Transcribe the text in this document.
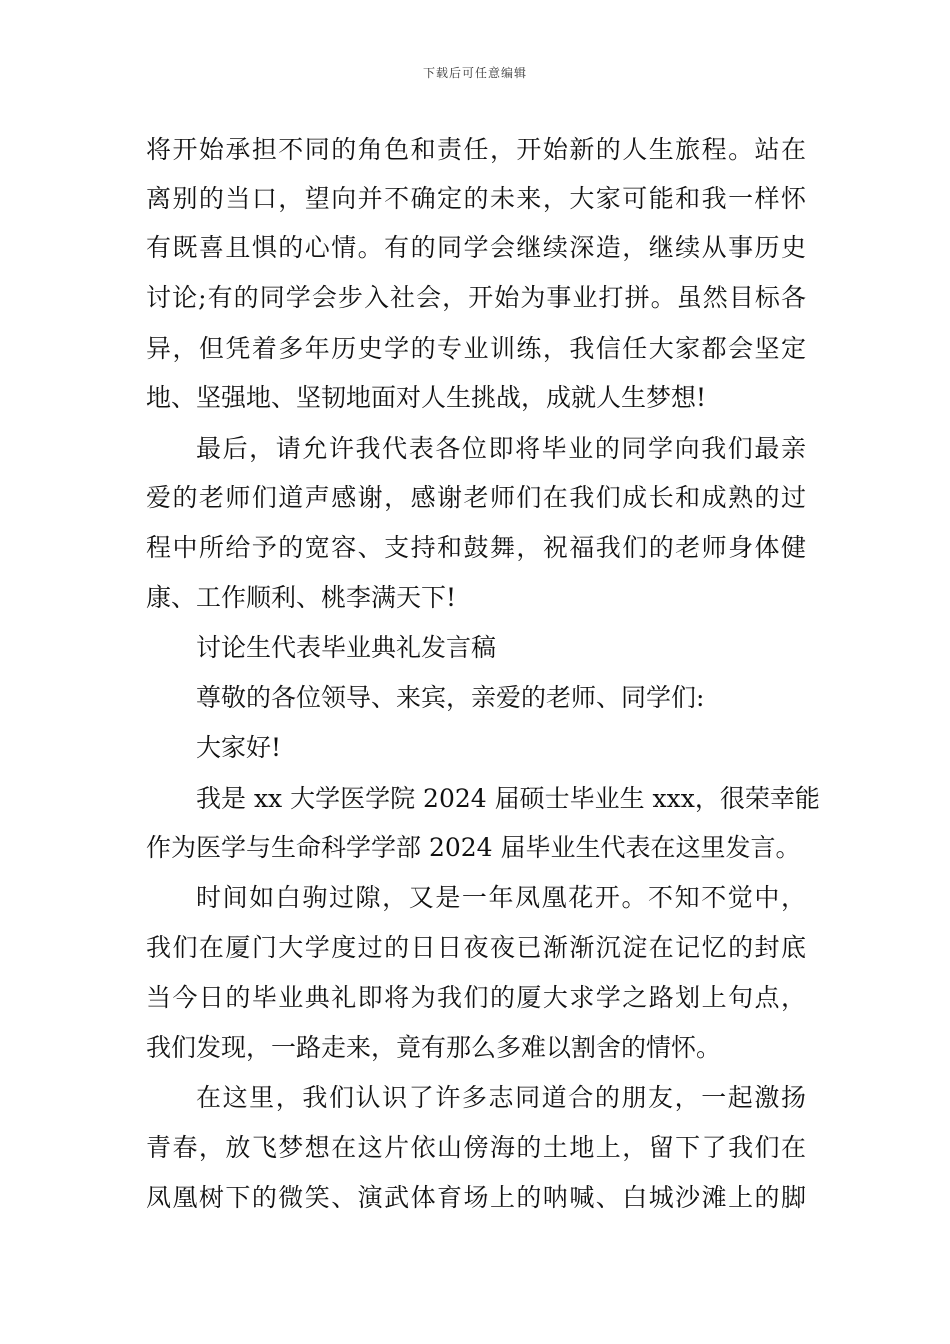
下载后可任意编辑
将开始承担不同的角色和责任，开始新的人生旅程。站在
离别的当口，望向并不确定的未来，大家可能和我一样怀
有既喜且惧的心情。有的同学会继续深造，继续从事历史
讨论;有的同学会步入社会，开始为事业打拼。虽然目标各
异，但凭着多年历史学的专业训练，我信任大家都会坚定
地、坚强地、坚韧地面对人生挑战，成就人生梦想!
最后，请允许我代表各位即将毕业的同学向我们最亲
爱的老师们道声感谢，感谢老师们在我们成长和成熟的过
程中所给予的宽容、支持和鼓舞，祝福我们的老师身体健
康、工作顺利、桃李满天下!
讨论生代表毕业典礼发言稿
尊敬的各位领导、来宾，亲爱的老师、同学们:
大家好!
我是 xx 大学医学院 2024 届硕士毕业生 xxx，很荣幸能
作为医学与生命科学学部 2024 届毕业生代表在这里发言。
时间如白驹过隙，又是一年凤凰花开。不知不觉中，
我们在厦门大学度过的日日夜夜已渐渐沉淀在记忆的封底
当今日的毕业典礼即将为我们的厦大求学之路划上句点，
我们发现，一路走来，竟有那么多难以割舍的情怀。
在这里，我们认识了许多志同道合的朋友，一起激扬
青春，放飞梦想在这片依山傍海的土地上，留下了我们在
凤凰树下的微笑、演武体育场上的呐喊、白城沙滩上的脚
